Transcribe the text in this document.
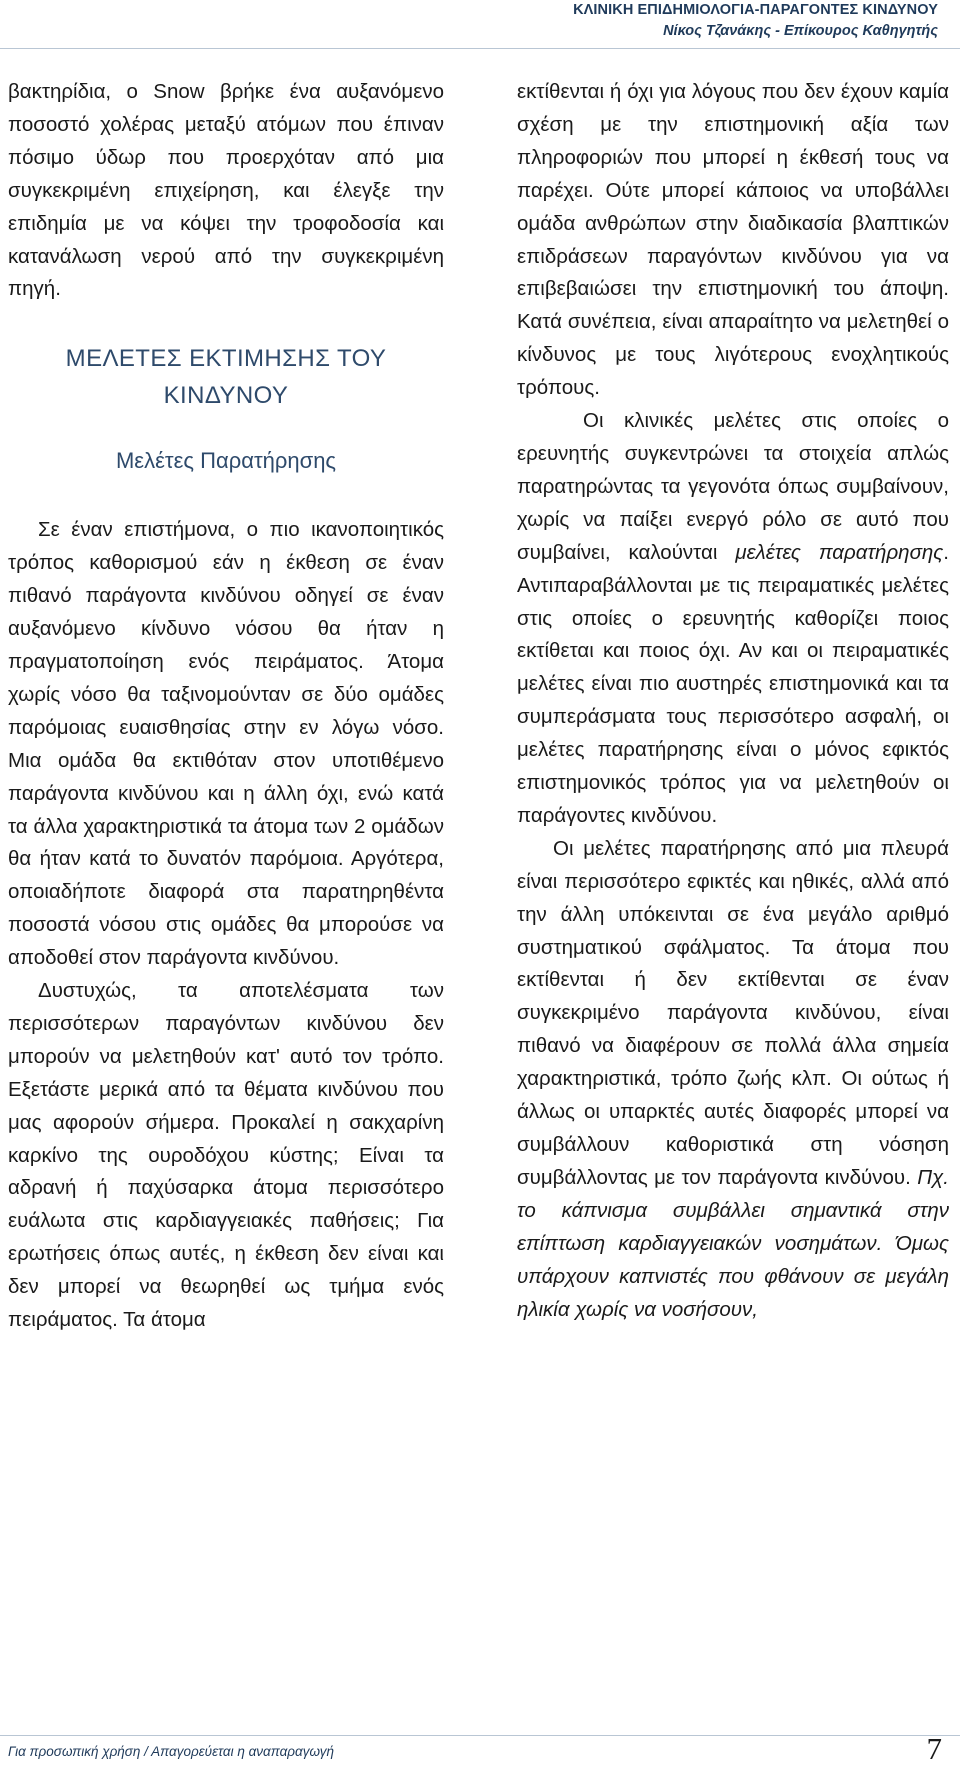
ΚΛΙΝΙΚΗ ΕΠΙΔΗΜΙΟΛΟΓΙΑ-ΠΑΡΑΓΟΝΤΕΣ ΚΙΝΔΥΝΟΥ
Νίκος Τζανάκης - Επίκουρος Καθηγητής

βακτηρίδια, ο Snow βρήκε ένα αυξανόμενο ποσοστό χολέρας μεταξύ ατόμων που έπιναν πόσιμο ύδωρ που προερχόταν από μια συγκεκριμένη επιχείρηση, και έλεγξε την επιδημία με να κόψει την τροφοδοσία και κατανάλωση νερού από την συγκεκριμένη πηγή.

ΜΕΛΕΤΕΣ ΕΚΤΙΜΗΣΗΣ ΤΟΥ
ΚΙΝΔΥΝΟΥ
Μελέτες Παρατήρησης

Σε έναν επιστήμονα, ο πιο ικανοποιητικός τρόπος καθορισμού εάν η έκθεση σε έναν πιθανό παράγοντα κινδύνου οδηγεί σε έναν αυξανόμενο κίνδυνο νόσου θα ήταν η πραγματοποίηση ενός πειράματος. Άτομα χωρίς νόσο θα ταξινομούνταν σε δύο ομάδες παρόμοιας ευαισθησίας στην εν λόγω νόσο. Μια ομάδα θα εκτιθόταν στον υποτιθέμενο παράγοντα κινδύνου και η άλλη όχι, ενώ κατά τα άλλα χαρακτηριστικά τα άτομα των 2 ομάδων θα ήταν κατά το δυνατόν παρόμοια. Αργότερα, οποιαδήποτε διαφορά στα παρατηρηθέντα ποσοστά νόσου στις ομάδες θα μπορούσε να αποδοθεί στον παράγοντα κινδύνου.

Δυστυχώς, τα αποτελέσματα των περισσότερων παραγόντων κινδύνου δεν μπορούν να μελετηθούν κατ' αυτό τον τρόπο. Εξετάστε μερικά από τα θέματα κινδύνου που μας αφορούν σήμερα. Προκαλεί η σακχαρίνη καρκίνο της ουροδόχου κύστης; Είναι τα αδρανή ή παχύσαρκα άτομα περισσότερο ευάλωτα στις καρδιαγγειακές παθήσεις; Για ερωτήσεις όπως αυτές, η έκθεση δεν είναι και δεν μπορεί να θεωρηθεί ως τμήμα ενός πειράματος. Τα άτομα

εκτίθενται ή όχι για λόγους που δεν έχουν καμία σχέση με την επιστημονική αξία των πληροφοριών που μπορεί η έκθεσή τους να παρέχει. Ούτε μπορεί κάποιος να υποβάλλει ομάδα ανθρώπων στην διαδικασία βλαπτικών επιδράσεων παραγόντων κινδύνου για να επιβεβαιώσει την επιστημονική του άποψη. Κατά συνέπεια, είναι απαραίτητο να μελετηθεί ο κίνδυνος με τους λιγότερους ενοχλητικούς τρόπους.

Οι κλινικές μελέτες στις οποίες ο ερευνητής συγκεντρώνει τα στοιχεία απλώς παρατηρώντας τα γεγονότα όπως συμβαίνουν, χωρίς να παίξει ενεργό ρόλο σε αυτό που συμβαίνει, καλούνται μελέτες παρατήρησης. Αντιπαραβάλλονται με τις πειραματικές μελέτες στις οποίες ο ερευνητής καθορίζει ποιος εκτίθεται και ποιος όχι. Αν και οι πειραματικές μελέτες είναι πιο αυστηρές επιστημονικά και τα συμπεράσματα τους περισσότερο ασφαλή, οι μελέτες παρατήρησης είναι ο μόνος εφικτός επιστημονικός τρόπος για να μελετηθούν οι παράγοντες κινδύνου.

Οι μελέτες παρατήρησης από μια πλευρά είναι περισσότερο εφικτές και ηθικές, αλλά από την άλλη υπόκεινται σε ένα μεγάλο αριθμό συστηματικού σφάλματος. Τα άτομα που εκτίθενται ή δεν εκτίθενται σε έναν συγκεκριμένο παράγοντα κινδύνου, είναι πιθανό να διαφέρουν σε πολλά άλλα σημεία χαρακτηριστικά, τρόπο ζωής κλπ. Οι ούτως ή άλλως οι υπαρκτές αυτές διαφορές μπορεί να συμβάλλουν καθοριστικά στη νόσηση συμβάλλοντας με τον παράγοντα κινδύνου. Πχ. το κάπνισμα συμβάλλει σημαντικά στην επίπτωση καρδιαγγειακών νοσημάτων. Όμως υπάρχουν καπνιστές που φθάνουν σε μεγάλη ηλικία χωρίς να νοσήσουν,

Για προσωπική χρήση / Απαγορεύεται η αναπαραγωγή	7
